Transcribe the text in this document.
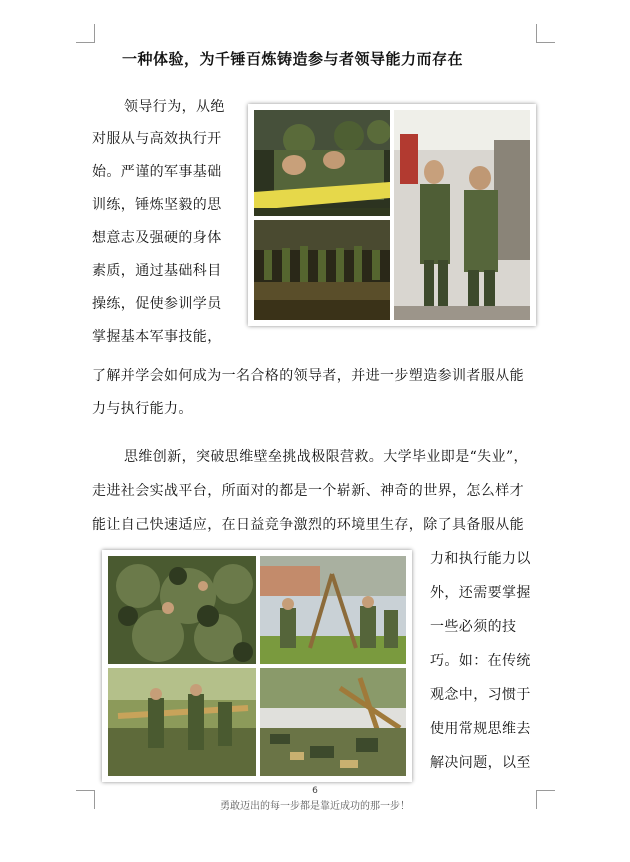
一种体验，为千锤百炼铸造参与者领导能力而存在
领导行为，从绝
对服从与高效执行开
始。严谨的军事基础
训练，锤炼坚毅的思
想意志及强硬的身体
素质，通过基础科目
操练，促使参训学员
掌握基本军事技能，
了解并学会如何成为一名合格的领导者，并进一步塑造参训者服从能
力与执行能力。
思维创新，突破思维壁垒挑战极限营救。大学毕业即是“失业”，
走进社会实战平台，所面对的都是一个崭新、神奇的世界，怎么样才
能让自己快速适应，在日益竞争激烈的环境里生存，除了具备服从能
力和执行能力以
外，还需要掌握
一些必须的技
巧。如：在传统
观念中，习惯于
使用常规思维去
解决问题，以至
6
勇敢迈出的每一步都是靠近成功的那一步！
